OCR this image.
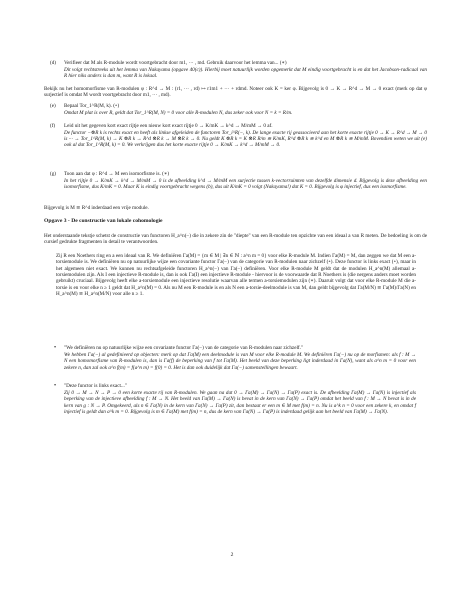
(d) Verifieer dat M als R-module wordt voortgebracht door m1, ··· , md. Gebruik daarvoor het lemma van... (∗)

Dit volgt rechtstreeks uit het lemma van Nakayama (opgave 40(c)). Hierbij moet natuurlijk worden opgemerkt dat M eindig voortgebracht is en dat het Jacobson-radicaal van R hier niks anders is dan m, want R is lokaal.

Bekijk nu het homomorfisme van R-modulen φ : R^d → M : (r1, ··· , rd) ↦ r1m1 + ··· + rdmd. Noteer ook K = ker φ. Bijgevolg is 0 → K → R^d → M → 0 exact (merk op dat φ surjectief is omdat M wordt voortgebracht door m1, ··· , md).

(e) Bepaal Tor_1^R(M, k). (∘)

Omdat M plat is over R, geldt dat Tor_1^R(M, N) = 0 voor alle R-modulen N, dus zeker ook voor N = k = R/m.

(f) Leid uit het gegeven kort exact rijtje een nieuw kort exact rijtje 0 → K/mK → k^d → M/mM → 0 af.

De functor −⊗R k is rechts exact en heeft als linkse afgeleiden de functoren Tor_i^R(−, k). De lange exacte rij geassocieerd aan het korte exacte rijtje 0 → K → R^d → M → 0 is ··· → Tor_1^R(M, k) → K ⊗R k → R^d ⊗R k → M ⊗R k → 0. Nu geldt K ⊗R k = K ⊗R R/m ≅ K/mK, R^d ⊗R k ≅ k^d en M ⊗R k ≅ M/mM. Bovendien weten we uit (e) ook al dat Tor_1^R(M, k) = 0. We verkrijgen dus het korte exacte rijtje 0 → K/mK → k^d → M/mM → 0.

(g) Toon aan dat φ : R^d → M een isomorfisme is. (∗)

In het rijtje 0 → K/mK → k^d → M/mM → 0 is de afbeelding k^d → M/mM een surjectie tussen k-vectorruimten van dezelfde dimensie d. Bijgevolg is deze afbeelding een isomorfisme, dus K/mK = 0. Maar K is eindig voortgebracht wegens (b), dus uit K/mK = 0 volgt (Nakayama!) dat K = 0. Bijgevolg is φ injectief, dus een isomorfisme.

Bijgevolg is M ≅ R^d inderdaad een vrije module.

Opgave 3 - De constructie van lokale cohomologie

Het onderstaande tekstje schetst de constructie van functoren H_a^n(−) die in zekere zin de "diepte" van een R-module ten opzichte van een ideaal a van R meten. De bedoeling is om de cursief gedrukte fragmenten in detail te verantwoorden.

Zij R een Noethers ring en a een ideaal van R. We definiëren Γa(M) = {m ∈ M | ∃n ∈ ℕ : a^n m = 0} voor elke R-module M. Indien Γa(M) = M, dan zeggen we dat M een a-torsiemodule is. We definiëren nu op natuurlijke wijze een covariante functor Γa(−) van de categorie van R-modulen naar zichzelf (∘). Deze functor is links exact (∘), maar in het algemeen niet exact. We kunnen nu rechtsafgeleide functoren H_a^n(−) van Γa(−) definiëren. Voor elke R-module M geldt dat de modulen H_a^n(M) allemaal a-torsiemodulen zijn. Als I een injectieve R-module is, dan is ook Γa(I) een injectieve R-module - hiervoor is de voorwaarde dat R Noethers is (die nergens anders moet worden gebruikt) cruciaal. Bijgevolg heeft elke a-torsiemodule een injectieve resolutie waarvan alle termen a-torsiemodulen zijn (∗). Daaruit volgt dat voor elke R-module M die a-torsie is en voor elke n ≥ 1 geldt dat H_a^n(M) = 0. Als nu M een R-module is en als N een a-torsie-deelmodule is van M, dan geldt bijgevolg dat Γa(M/N) ≅ Γa(M)/Γa(N) en H_a^n(M) ≅ H_a^n(M/N) voor alle n ≥ 1.

• "We definiëren nu op natuurlijke wijze een covariante functor Γa(−) van de categorie van R-modulen naar zichzelf."

We hebben Γa(−) al gedefinieerd op objecten: merk op dat Γa(M) een deelmodule is van M voor elke R-module M. We definiëren Γa(−) nu op de morfismen: als f : M → N een homomorfisme van R-modulen is, dan is Γa(f) de beperking van f tot Γa(M). Het beeld van deze beperking ligt inderdaad in Γa(N), want als a^n m = 0 voor een zekere n, dan zal ook a^n f(m) = f(a^n m) = f(0) = 0. Het is dan ook duidelijk dat Γa(−) samenstellingen bewaart.

• "Deze functor is links exact..."

Zij 0 → M → N → P → 0 een korte exacte rij van R-modulen. We gaan na dat 0 → Γa(M) → Γa(N) → Γa(P) exact is. De afbeelding Γa(M) → Γa(N) is injectief als beperking van de injectieve afbeelding f : M → N. Het beeld van Γa(M) → Γa(N) is bevat in de kern van Γa(N) → Γa(P) omdat het beeld van f : M → N bevat is in de kern van g : N → P. Omgekeerd, als n ∈ Γa(N) in de kern van Γa(N) → Γa(P) zit, dan bestaat er een m ∈ M met f(m) = n. Nu is a^k n = 0 voor een zekere k, en omdat f injectief is geldt dan a^k m = 0. Bijgevolg is m ∈ Γa(M) met f(m) = n, dus de kern van Γa(N) → Γa(P) is inderdaad gelijk aan het beeld van Γa(M) → Γa(N).

2
